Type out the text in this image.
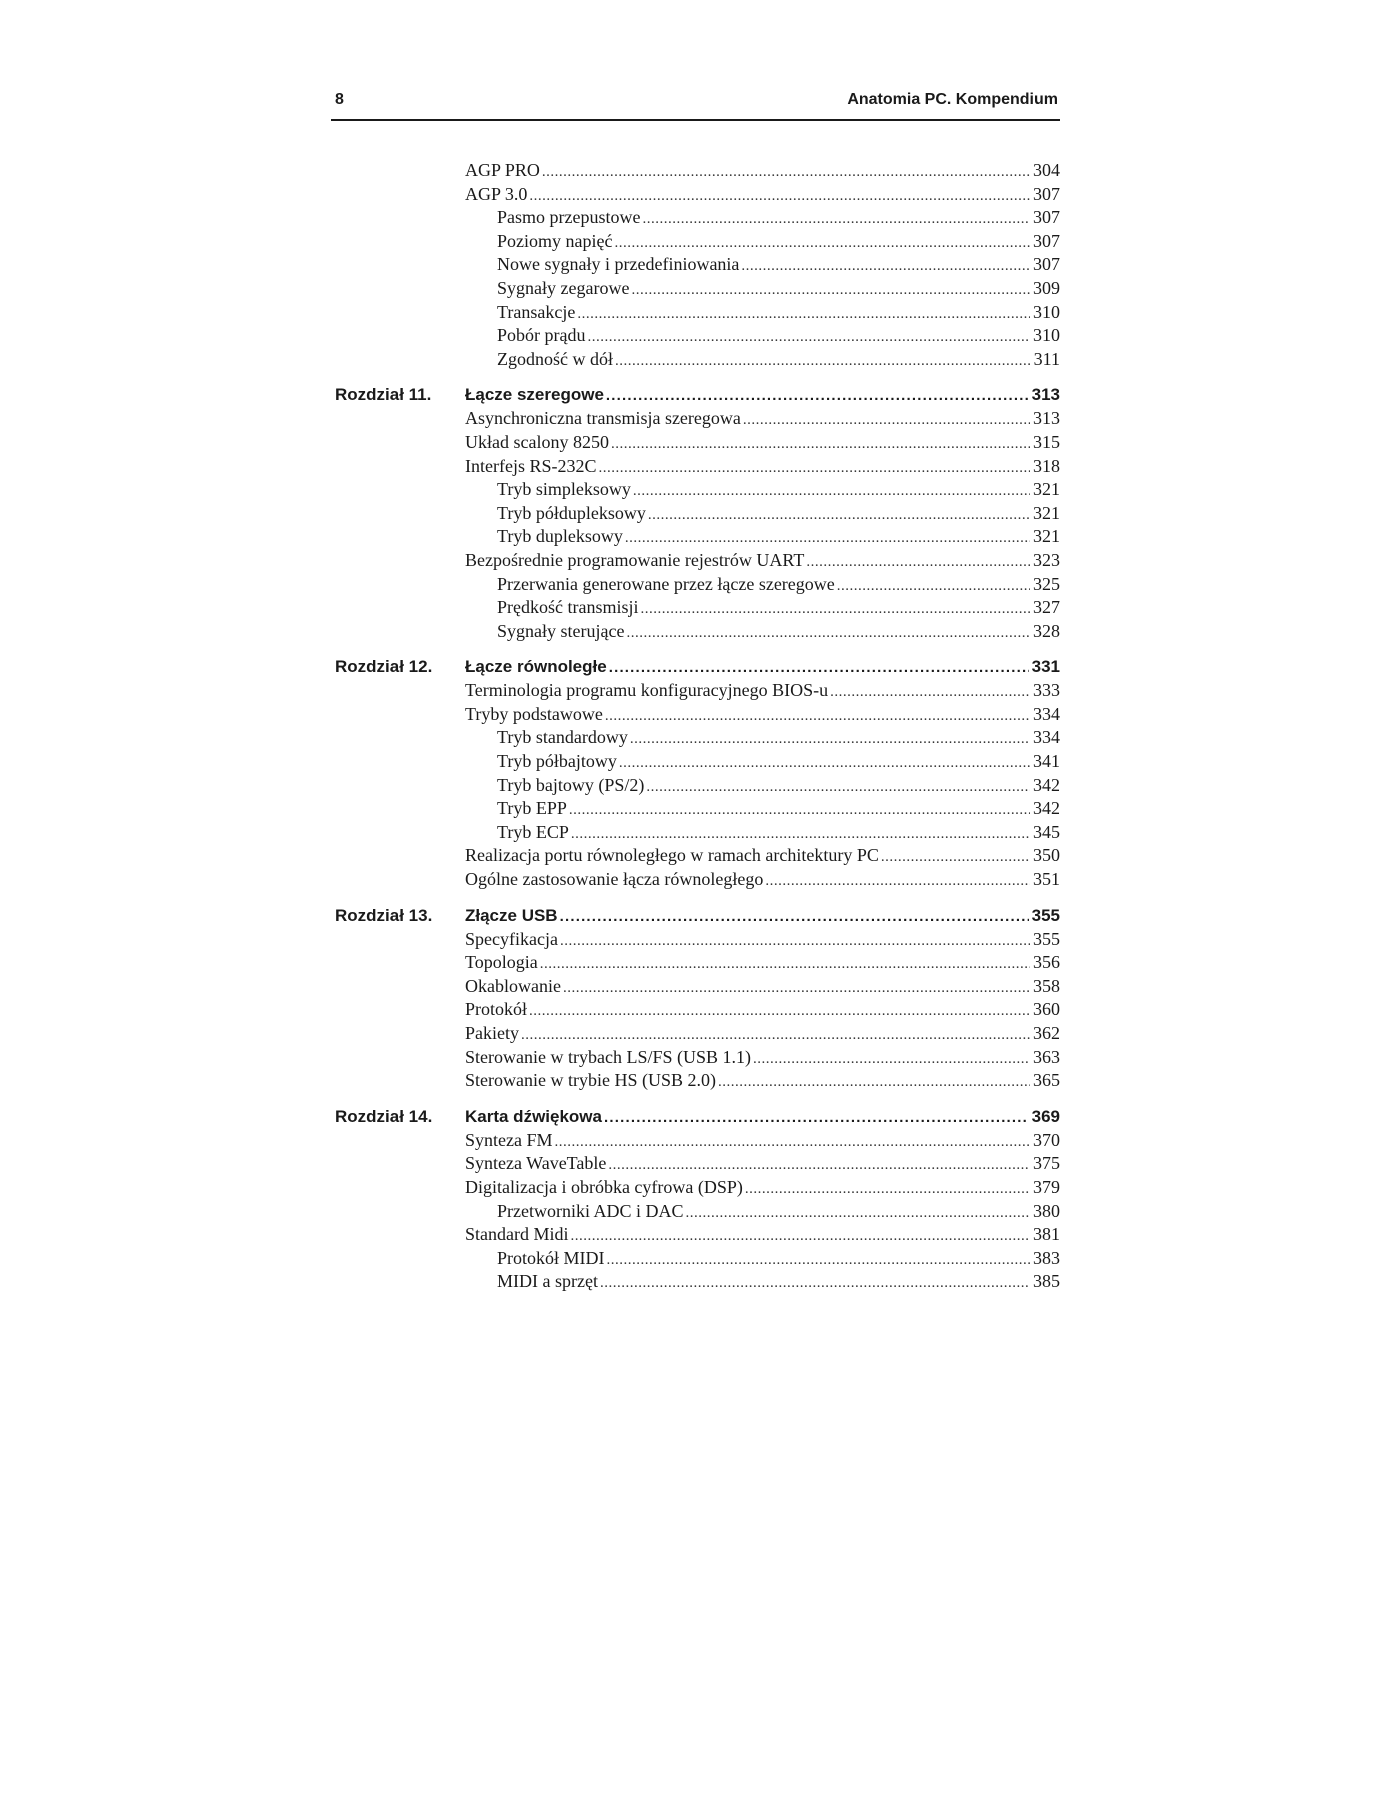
8	Anatomia PC. Kompendium
AGP PRO .....	304
AGP 3.0 .....	307
Pasmo przepustowe .....	307
Poziomy napięć .....	307
Nowe sygnały i przedefiniowania .....	307
Sygnały zegarowe .....	309
Transakcje .....	310
Pobór prądu .....	310
Zgodność w dół .....	311
Rozdział 11. Łącze szeregowe .....	313
Asynchroniczna transmisja szeregowa .....	313
Układ scalony 8250 .....	315
Interfejs RS-232C .....	318
Tryb simpleksowy .....	321
Tryb półdupleksowy .....	321
Tryb dupleksowy .....	321
Bezpośrednie programowanie rejestrów UART .....	323
Przerwania generowane przez łącze szeregowe .....	325
Prędkość transmisji .....	327
Sygnały sterujące .....	328
Rozdział 12. Łącze równoległe .....	331
Terminologia programu konfiguracyjnego BIOS-u .....	333
Tryby podstawowe .....	334
Tryb standardowy .....	334
Tryb półbajtowy .....	341
Tryb bajtowy (PS/2) .....	342
Tryb EPP .....	342
Tryb ECP .....	345
Realizacja portu równoległego w ramach architektury PC .....	350
Ogólne zastosowanie łącza równoległego .....	351
Rozdział 13. Złącze USB .....	355
Specyfikacja .....	355
Topologia .....	356
Okablowanie .....	358
Protokół .....	360
Pakiety .....	362
Sterowanie w trybach LS/FS (USB 1.1) .....	363
Sterowanie w trybie HS (USB 2.0) .....	365
Rozdział 14. Karta dźwiękowa .....	369
Synteza FM .....	370
Synteza WaveTable .....	375
Digitalizacja i obróbka cyfrowa (DSP) .....	379
Przetworniki ADC i DAC .....	380
Standard Midi .....	381
Protokół MIDI .....	383
MIDI a sprzęt .....	385
